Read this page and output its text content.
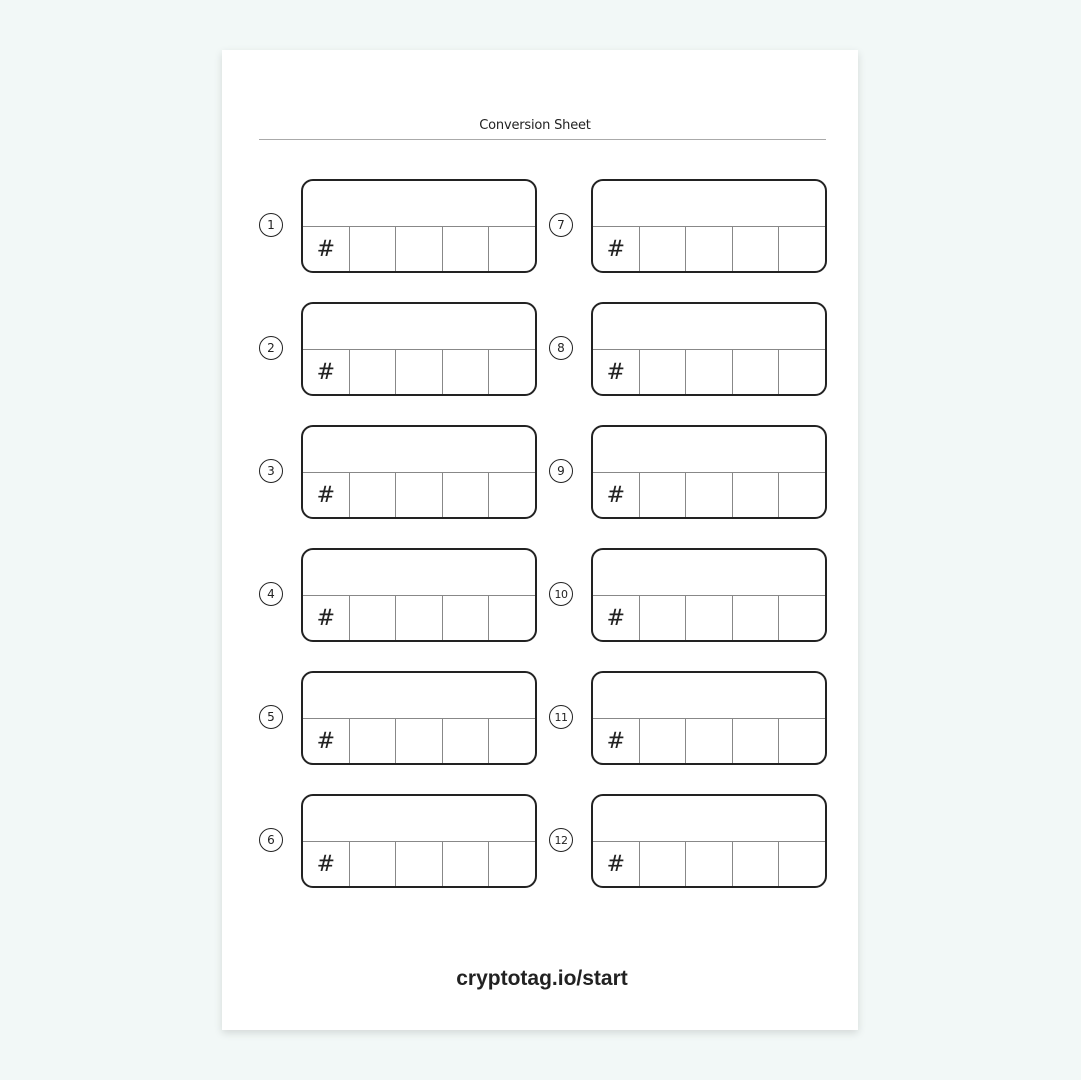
Conversion Sheet
1
#
2
#
3
#
4
#
5
#
6
#
7
#
8
#
9
#
10
#
11
#
12
#
cryptotag.io/start
